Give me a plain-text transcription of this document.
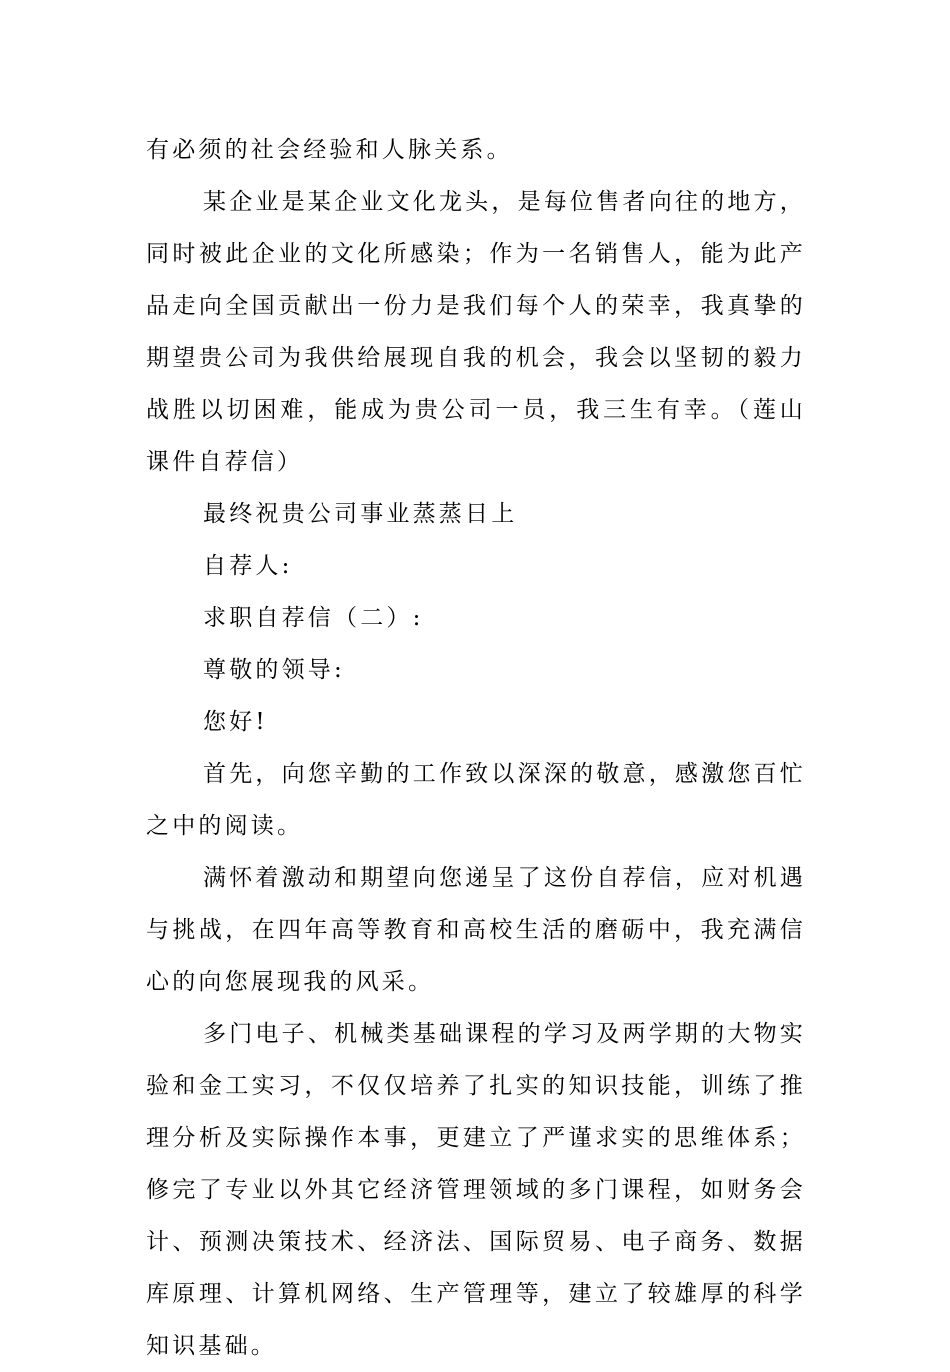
有必须的社会经验和人脉关系。

某企业是某企业文化龙头，是每位售者向往的地方，同时被此企业的文化所感染；作为一名销售人，能为此产品走向全国贡献出一份力是我们每个人的荣幸，我真挚的期望贵公司为我供给展现自我的机会，我会以坚韧的毅力战胜以切困难，能成为贵公司一员，我三生有幸。（莲山课件自荐信）

最终祝贵公司事业蒸蒸日上

自荐人:

求职自荐信（二）:

尊敬的领导:

您好!

首先，向您辛勤的工作致以深深的敬意，感激您百忙之中的阅读。

满怀着激动和期望向您递呈了这份自荐信，应对机遇与挑战，在四年高等教育和高校生活的磨砺中，我充满信心的向您展现我的风采。

多门电子、机械类基础课程的学习及两学期的大物实验和金工实习，不仅仅培养了扎实的知识技能，训练了推理分析及实际操作本事，更建立了严谨求实的思维体系；修完了专业以外其它经济管理领域的多门课程，如财务会计、预测决策技术、经济法、国际贸易、电子商务、数据库原理、计算机网络、生产管理等，建立了较雄厚的科学知识基础。
